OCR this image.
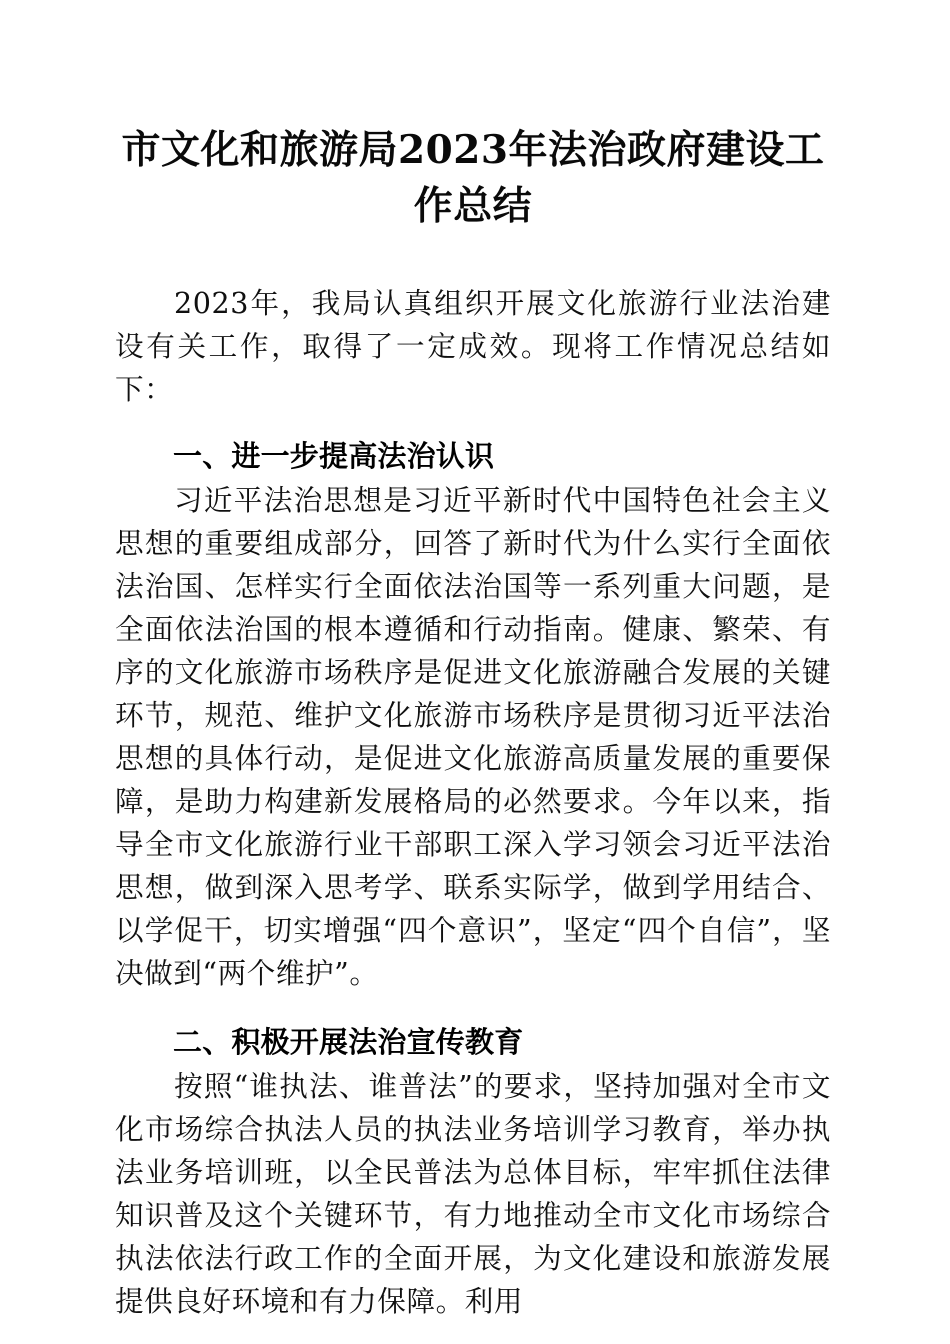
市文化和旅游局2023年法治政府建设工作总结

2023年，我局认真组织开展文化旅游行业法治建设有关工作，取得了一定成效。现将工作情况总结如下：

一、进一步提高法治认识

习近平法治思想是习近平新时代中国特色社会主义思想的重要组成部分，回答了新时代为什么实行全面依法治国、怎样实行全面依法治国等一系列重大问题，是全面依法治国的根本遵循和行动指南。健康、繁荣、有序的文化旅游市场秩序是促进文化旅游融合发展的关键环节，规范、维护文化旅游市场秩序是贯彻习近平法治思想的具体行动，是促进文化旅游高质量发展的重要保障，是助力构建新发展格局的必然要求。今年以来，指导全市文化旅游行业干部职工深入学习领会习近平法治思想，做到深入思考学、联系实际学，做到学用结合、以学促干，切实增强“四个意识”，坚定“四个自信”，坚决做到“两个维护”。

二、积极开展法治宣传教育

按照“谁执法、谁普法”的要求，坚持加强对全市文化市场综合执法人员的执法业务培训学习教育，举办执法业务培训班，以全民普法为总体目标，牢牢抓住法律知识普及这个关键环节，有力地推动全市文化市场综合执法依法行政工作的全面开展，为文化建设和旅游发展提供良好环境和有力保障。利用
